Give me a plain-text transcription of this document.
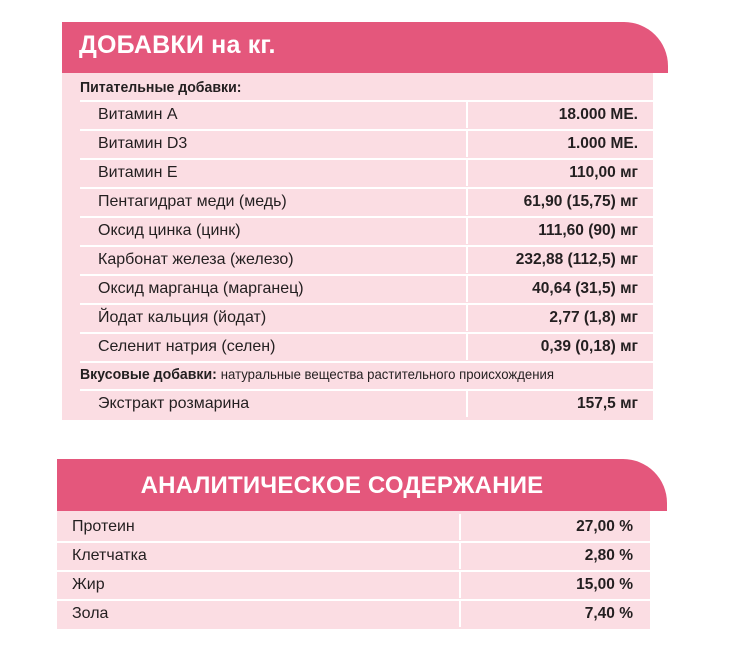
ДОБАВКИ на кг.
Питательные добавки:
Витамин А	18.000 МЕ.
Витамин D3	1.000 МЕ.
Витамин Е	110,00 мг
Пентагидрат меди (медь)	61,90 (15,75) мг
Оксид цинка (цинк)	111,60 (90) мг
Карбонат железа (железо)	232,88 (112,5) мг
Оксид марганца (марганец)	40,64 (31,5) мг
Йодат кальция (йодат)	2,77 (1,8) мг
Селенит натрия (селен)	0,39 (0,18) мг
Вкусовые добавки: натуральные вещества растительного происхождения
Экстракт розмарина	157,5 мг
АНАЛИТИЧЕСКОЕ СОДЕРЖАНИЕ
Протеин	27,00 %
Клетчатка	2,80 %
Жир	15,00 %
Зола	7,40 %
